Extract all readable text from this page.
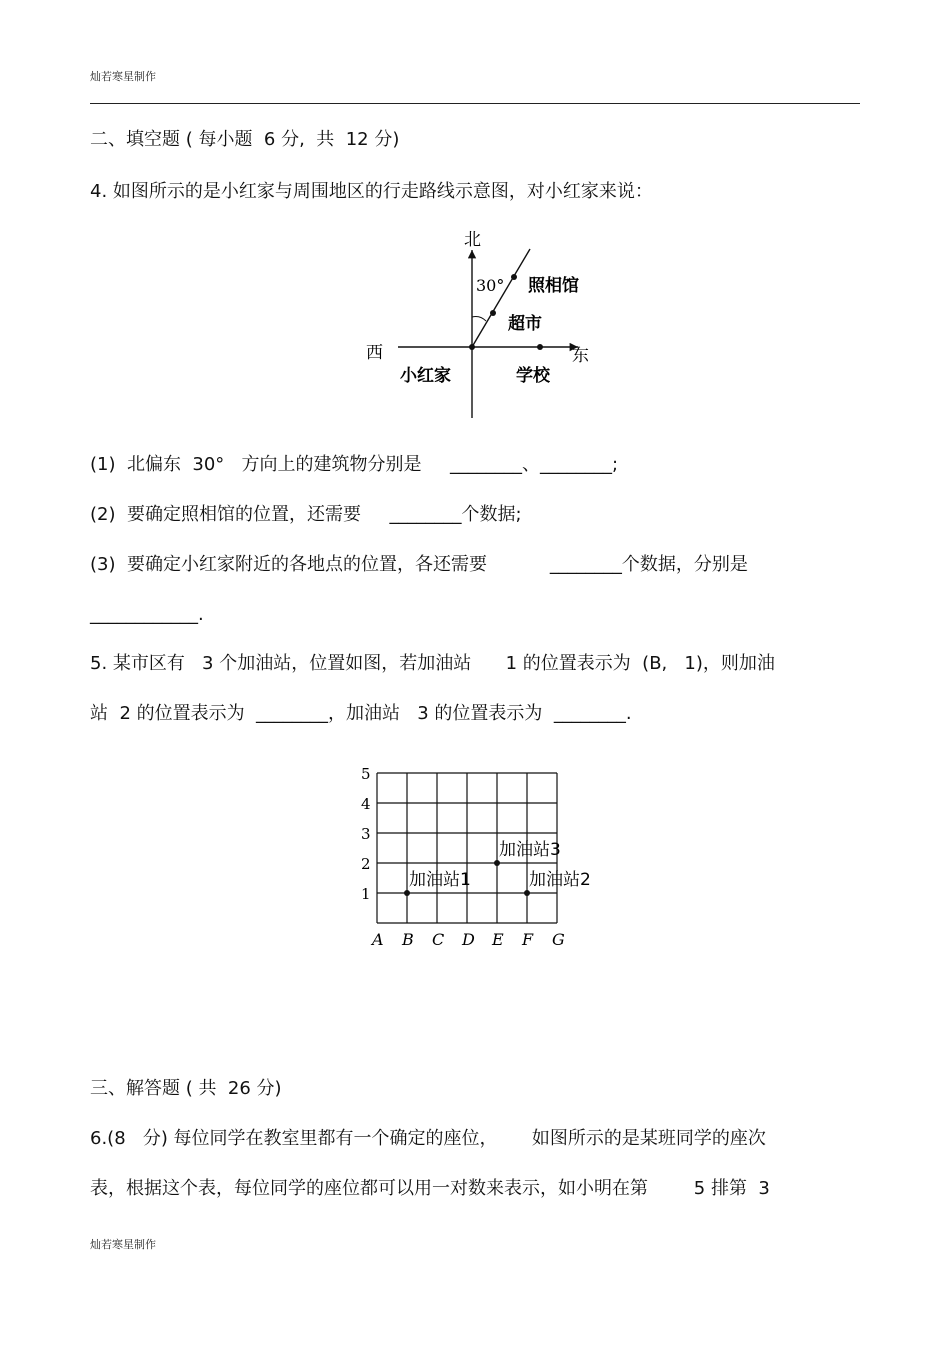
灿若寒星制作
二、填空题 ( 每小题  6 分,  共  12 分)
4. 如图所示的是小红家与周围地区的行走路线示意图，对小红家来说：
北
西	东
30° 照相馆
超市
小红家	学校
(1)  北偏东  30°   方向上的建筑物分别是     ________、________;
(2)  要确定照相馆的位置，还需要     ________个数据;
(3)  要确定小红家附近的各地点的位置，各还需要           ________个数据，分别是
____________.
5. 某市区有   3 个加油站，位置如图，若加油站      1 的位置表示为  (B,   1)，则加油
站  2 的位置表示为  ________，加油站   3 的位置表示为  ________.
A B C D E F G
1
2
3
4
5
加油站1	加油站2
加油站3
三、解答题 ( 共  26 分)
6.(8   分) 每位同学在教室里都有一个确定的座位，      如图所示的是某班同学的座次
表，根据这个表，每位同学的座位都可以用一对数来表示，如小明在第        5 排第  3
灿若寒星制作
